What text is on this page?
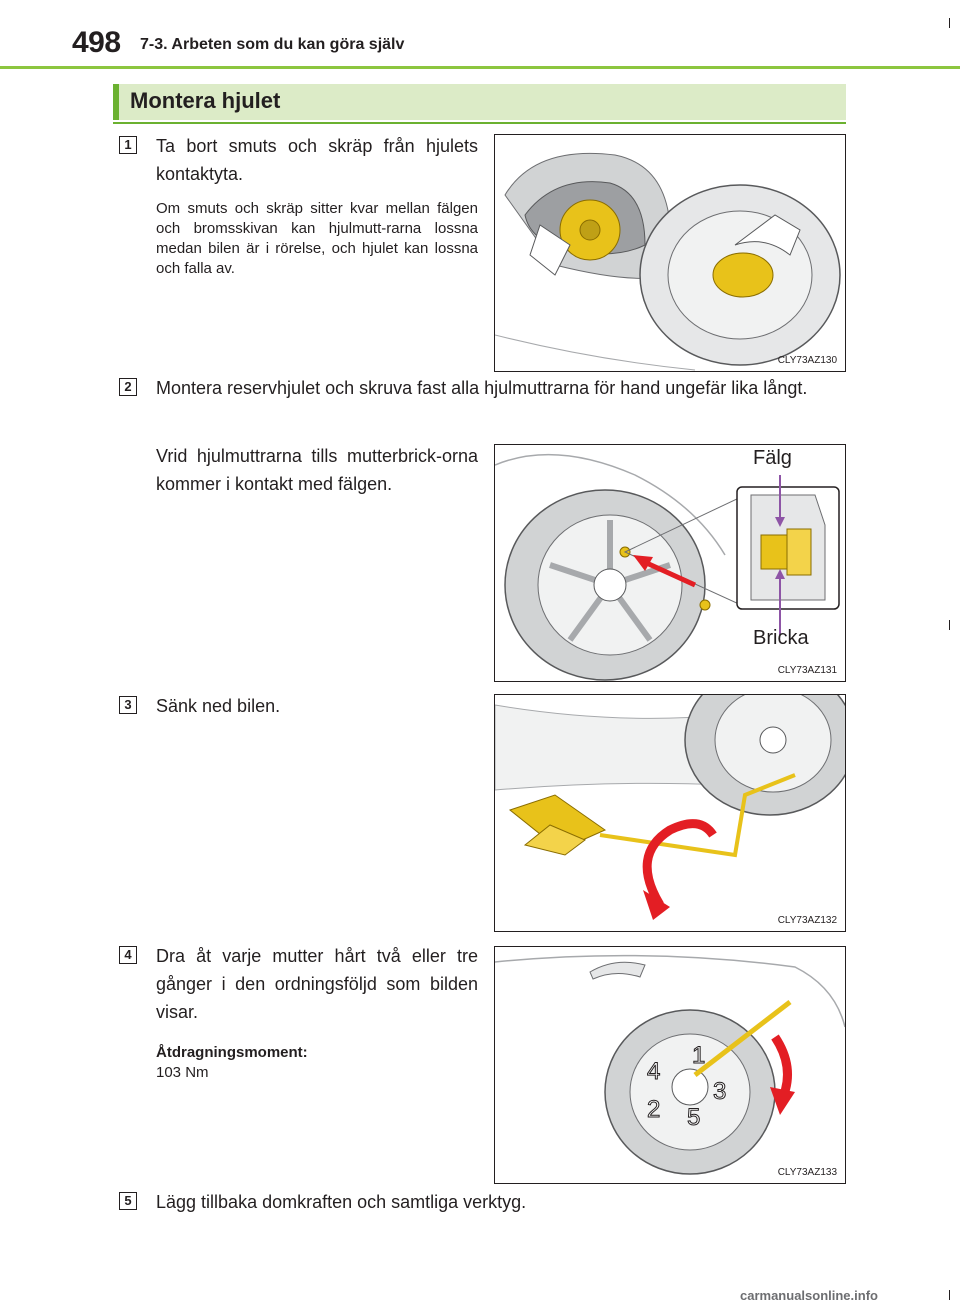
498 7-3. Arbeten som du kan göra själv
Montera hjulet
1 Ta bort smuts och skräp från hjulets kontaktyta.
Om smuts och skräp sitter kvar mellan fälgen och bromsskivan kan hjulmutt-rarna lossna medan bilen är i rörelse, och hjulet kan lossna och falla av.
CLY73AZ130
2 Montera reservhjulet och skruva fast alla hjulmuttrarna för hand ungefär lika långt.
Vrid hjulmuttrarna tills mutterbrick-orna kommer i kontakt med fälgen.
Fälg
Bricka
CLY73AZ131
3 Sänk ned bilen.
CLY73AZ132
4 Dra åt varje mutter hårt två eller tre gånger i den ordningsföljd som bilden visar.
Åtdragningsmoment:
103 Nm
1
2
3
4
5
CLY73AZ133
5 Lägg tillbaka domkraften och samtliga verktyg.
carmanualsonline.info
